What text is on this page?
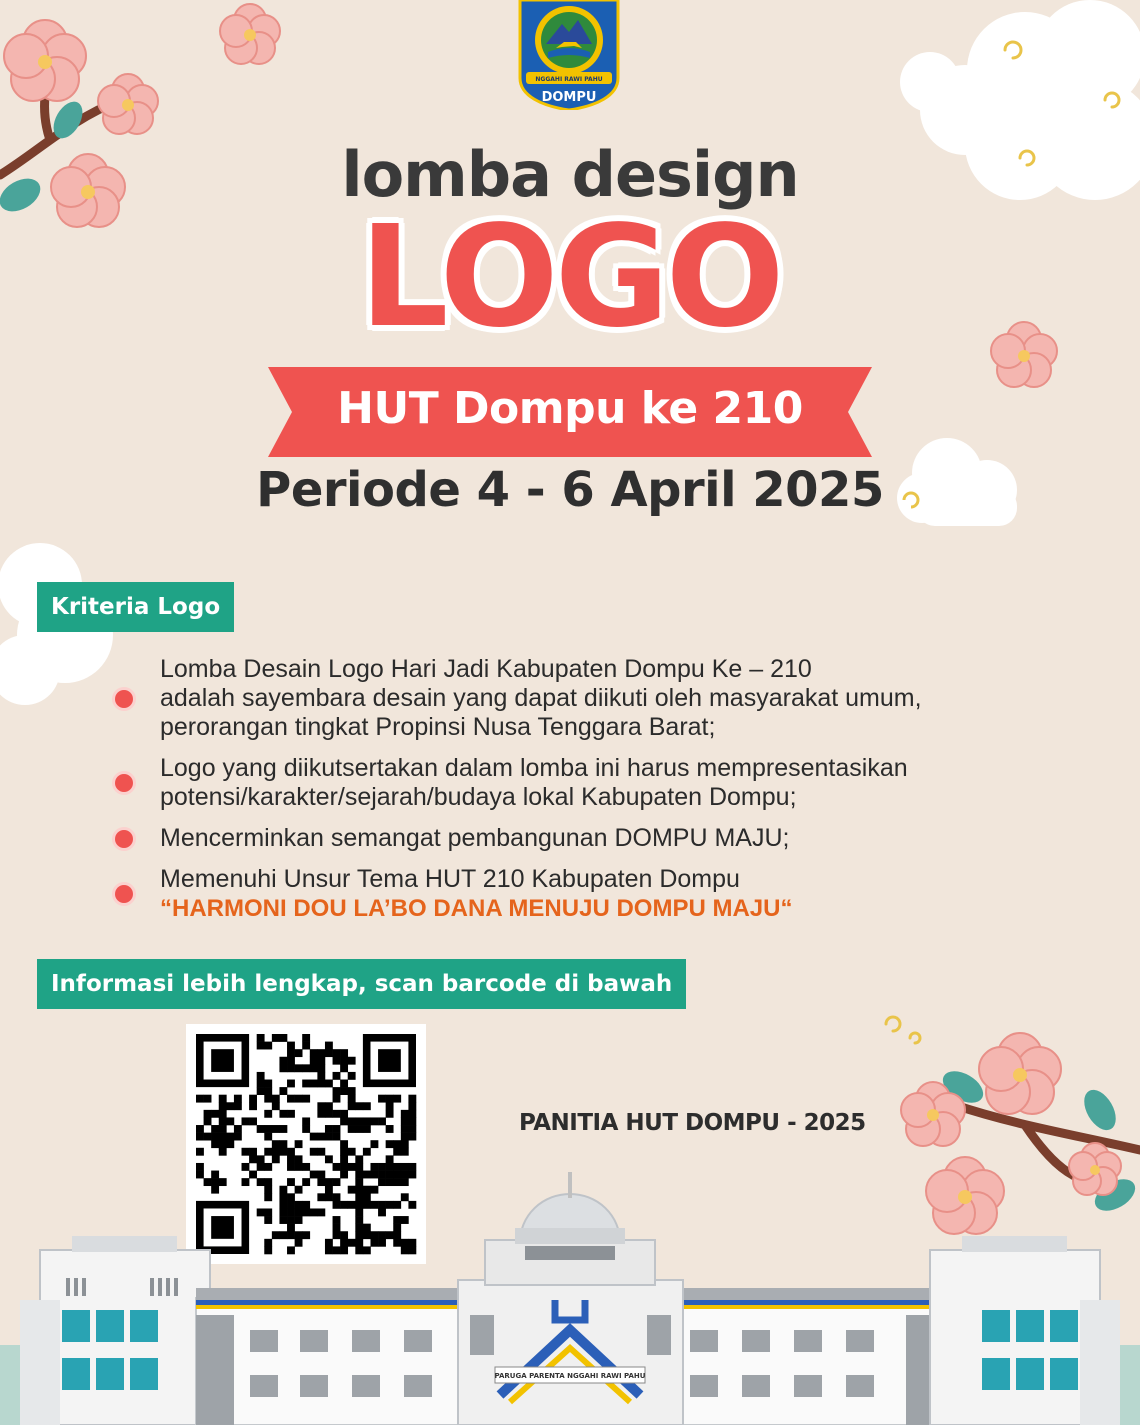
NGGAHI RAWI PAHU
DOMPU
lomba design
LOGO
HUT Dompu ke 210
Periode 4 - 6 April 2025
Kriteria Logo
Lomba Desain Logo Hari Jadi Kabupaten Dompu Ke – 210
adalah sayembara desain yang dapat diikuti oleh masyarakat umum,
perorangan tingkat Propinsi Nusa Tenggara Barat;
Logo yang diikutsertakan dalam lomba ini harus mempresentasikan
potensi/karakter/sejarah/budaya lokal Kabupaten Dompu;
Mencerminkan semangat pembangunan DOMPU MAJU;
Memenuhi Unsur Tema HUT 210 Kabupaten Dompu
“HARMONI DOU LA’BO DANA MENUJU DOMPU MAJU“
Informasi lebih lengkap, scan barcode di bawah
PANITIA HUT DOMPU - 2025
PARUGA PARENTA NGGAHI RAWI PAHU
